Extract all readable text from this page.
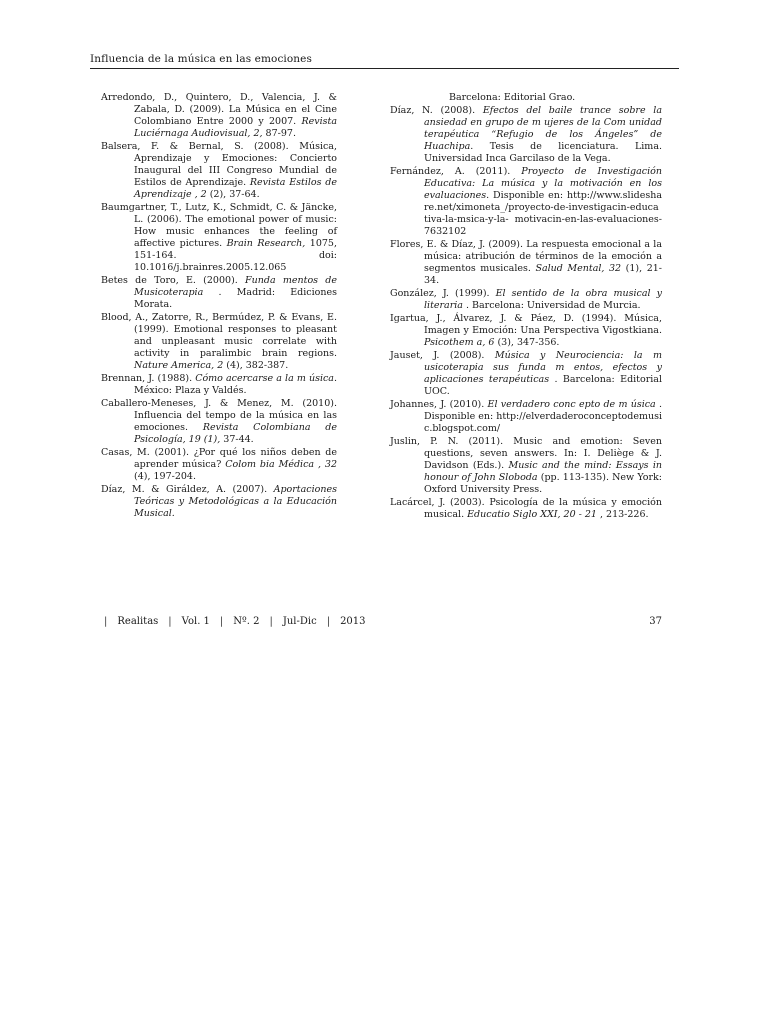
Influencia de la música en las emociones

Arredondo, D., Quintero, D., Valencia, J. & Zabala, D. (2009). La Música en el Cine Colombiano Entre 2000 y 2007. Revista Luciérnaga Audiovisual, 2, 87-97.

Balsera, F. & Bernal, S. (2008). Música, Aprendizaje y Emociones: Concierto Inaugural del III Congreso Mundial de Estilos de Aprendizaje. Revista Estilos de Aprendizaje , 2 (2), 37-64.

Baumgartner, T., Lutz, K., Schmidt, C. & Jäncke, L. (2006). The emotional power of music: How music enhances the feeling of affective pictures. Brain Research, 1075, 151-164. doi: 10.1016/j.brainres.2005.12.065

Betes de Toro, E. (2000). Funda mentos de Musicoterapia . Madrid: Ediciones Morata.

Blood, A., Zatorre, R., Bermúdez, P. & Evans, E. (1999). Emotional responses to pleasant and unpleasant music correlate with activity in paralimbic brain regions. Nature America, 2 (4), 382-387.

Brennan, J. (1988). Cómo acercarse a la m úsica. México: Plaza y Valdés.

Caballero-Meneses, J. & Menez, M. (2010). Influencia del tempo de la música en las emociones. Revista Colombiana de Psicología, 19 (1), 37-44.

Casas, M. (2001). ¿Por qué los niños deben de aprender música? Colom bia Médica , 32 (4), 197-204.

Díaz, M. & Giráldez, A. (2007). Aportaciones Teóricas y Metodológicas a la Educación Musical.

Barcelona: Editorial Grao.

Díaz, N. (2008). Efectos del baile trance sobre la ansiedad en grupo de m ujeres de la Com unidad terapéutica “Refugio de los Ángeles” de Huachipa. Tesis de licenciatura. Lima. Universidad Inca Garcilaso de la Vega.

Fernández, A. (2011). Proyecto de Investigación Educativa: La música y la motivación en los evaluaciones. Disponible en: http://www.slideshare.net/ximoneta_/proyecto-de-investigacin-educativa-la-msica-y-la- motivacin-en-las-evaluaciones-7632102

Flores, E. & Díaz, J. (2009). La respuesta emocional a la música: atribución de términos de la emoción a segmentos musicales. Salud Mental, 32 (1), 21-34.

González, J. (1999). El sentido de la obra musical y literaria . Barcelona: Universidad de Murcia.

Igartua, J., Álvarez, J. & Páez, D. (1994). Música, Imagen y Emoción: Una Perspectiva Vigostkiana. Psicothem a, 6 (3), 347-356.

Jauset, J. (2008). Música y Neurociencia: la m usicoterapia sus funda m entos, efectos y aplicaciones terapéuticas . Barcelona: Editorial UOC.

Johannes, J. (2010). El verdadero conc epto de m úsica . Disponible en: http://elverdaderoconceptodemusic.blogspot.com/

Juslin, P. N. (2011). Music and emotion: Seven questions, seven answers. In: I. Deliège & J. Davidson (Eds.). Music and the mind: Essays in honour of John Sloboda (pp. 113-135). New York: Oxford University Press.

Lacárcel, J. (2003). Psicología de la música y emoción musical. Educatio Siglo XXI, 20 - 21 , 213-226.

| Realitas | Vol. 1 | Nº. 2 | Jul-Dic | 2013	37
